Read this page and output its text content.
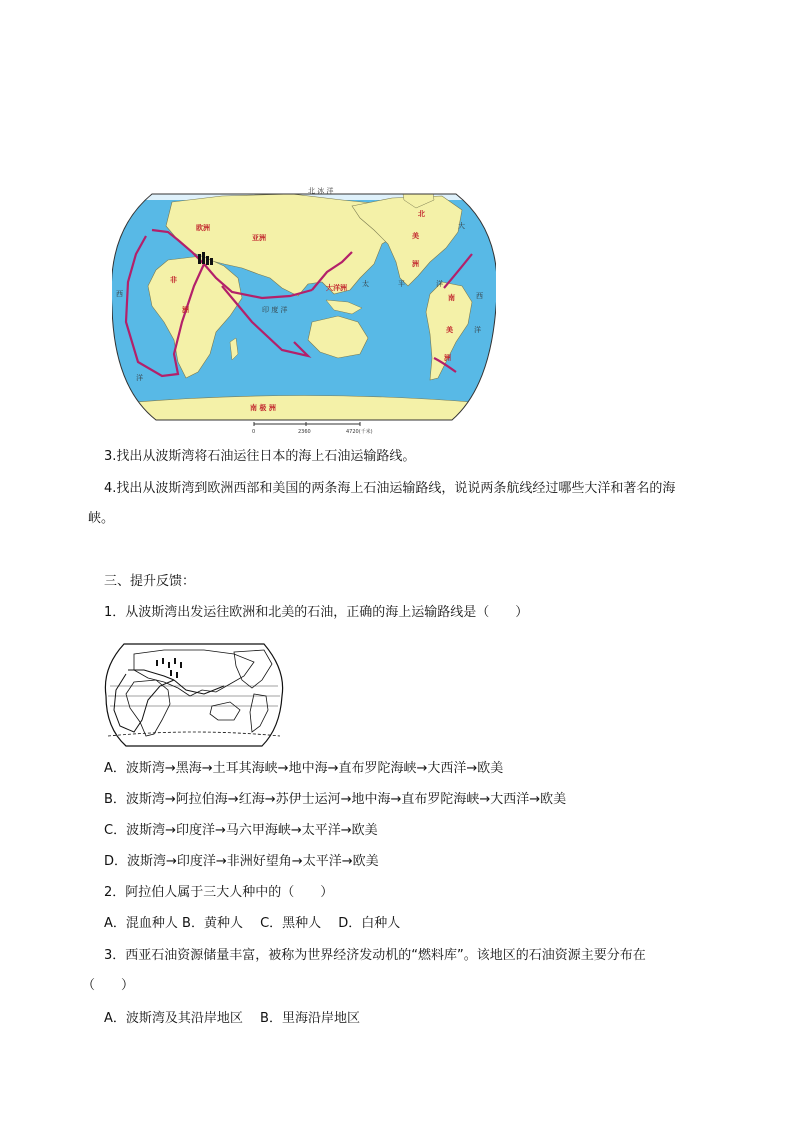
北 冰 洋
欧洲
亚洲
非
洲
北
美
洲
南
美
洲
大洋洲 太	平	洋
印 度 洋
大
西
洋
西
洋
南 极 洲
0	2360	4720(千米)
3.找出从波斯湾将石油运往日本的海上石油运输路线。
4.找出从波斯湾到欧洲西部和美国的两条海上石油运输路线，说说两条航线经过哪些大洋和著名的海
峡。
三、提升反馈：
1．从波斯湾出发运往欧洲和北美的石油，正确的海上运输路线是（　　）
A．波斯湾→黑海→土耳其海峡→地中海→直布罗陀海峡→大西洋→欧美
B．波斯湾→阿拉伯海→红海→苏伊士运河→地中海→直布罗陀海峡→大西洋→欧美
C．波斯湾→印度洋→马六甲海峡→太平洋→欧美
D．波斯湾→印度洋→非洲好望角→太平洋→欧美
2．阿拉伯人属于三大人种中的（　　）
A．混血种人 B．黄种人　 C．黑种人　 D．白种人
3．西亚石油资源储量丰富，被称为世界经济发动机的“燃料库”。该地区的石油资源主要分布在
（　　）
A．波斯湾及其沿岸地区　 B．里海沿岸地区
